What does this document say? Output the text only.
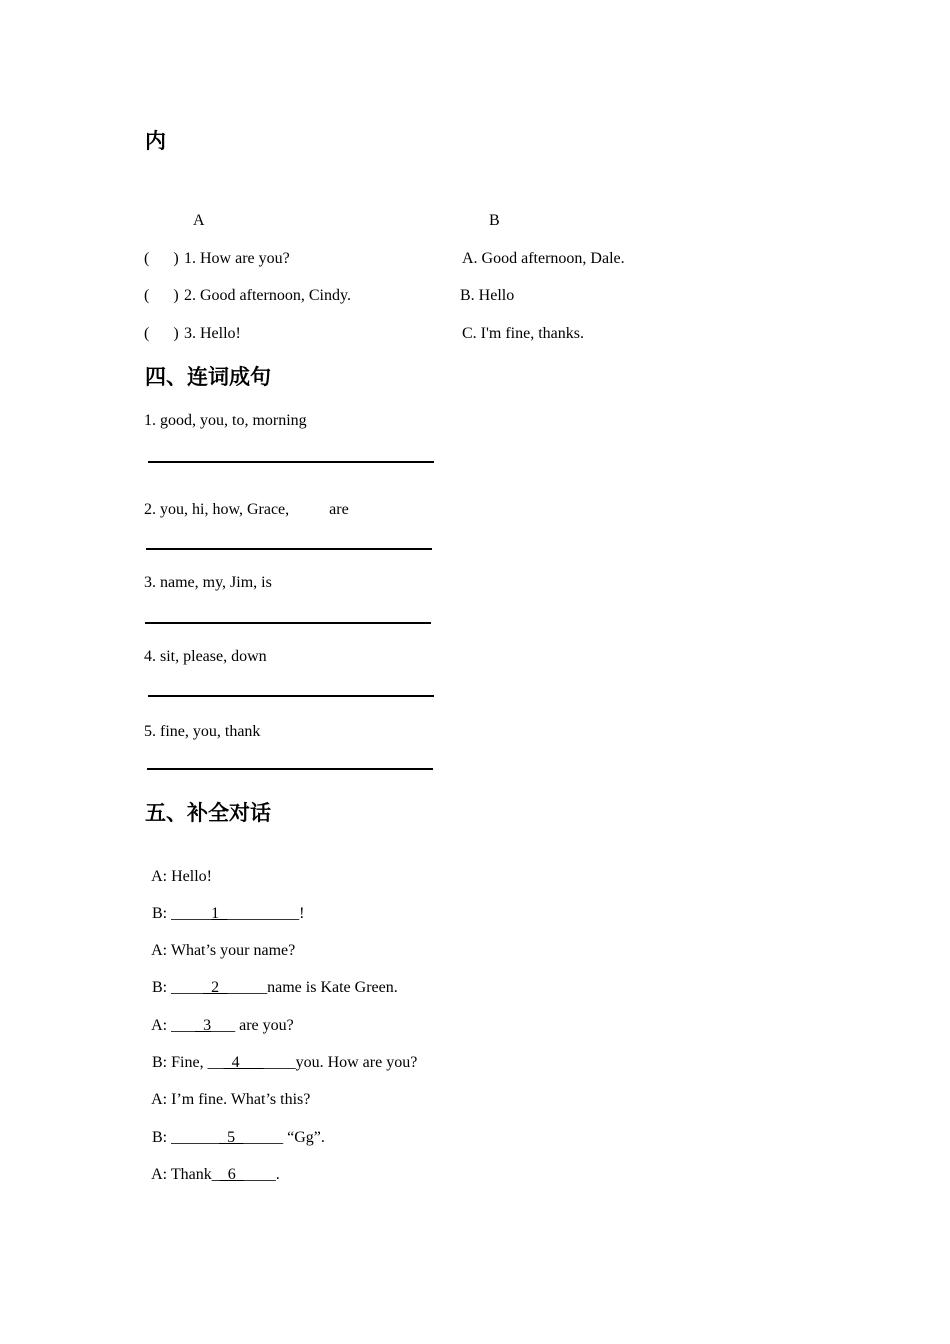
内
A	B
(      ) 1. How are you?	A. Good afternoon, Dale.
(      ) 2. Good afternoon, Cindy.	B. Hello
(      ) 3. Hello!	C. I'm fine, thanks.
四、连词成句
1. good, you, to, morning
2. you, hi, how, Grace,          are
3. name, my, Jim, is
4. sit, please, down
5. fine, you, thank
五、补全对话

A: Hello!

B: _____1__________!

A: What’s your name?

B: _____2______name is Kate Green.

A: ____3___ are you?

B: Fine, ___4_______you. How are you?

A: I’m fine. What’s this?

B: _______5______ “Gg”.

A: Thank__6_____.
